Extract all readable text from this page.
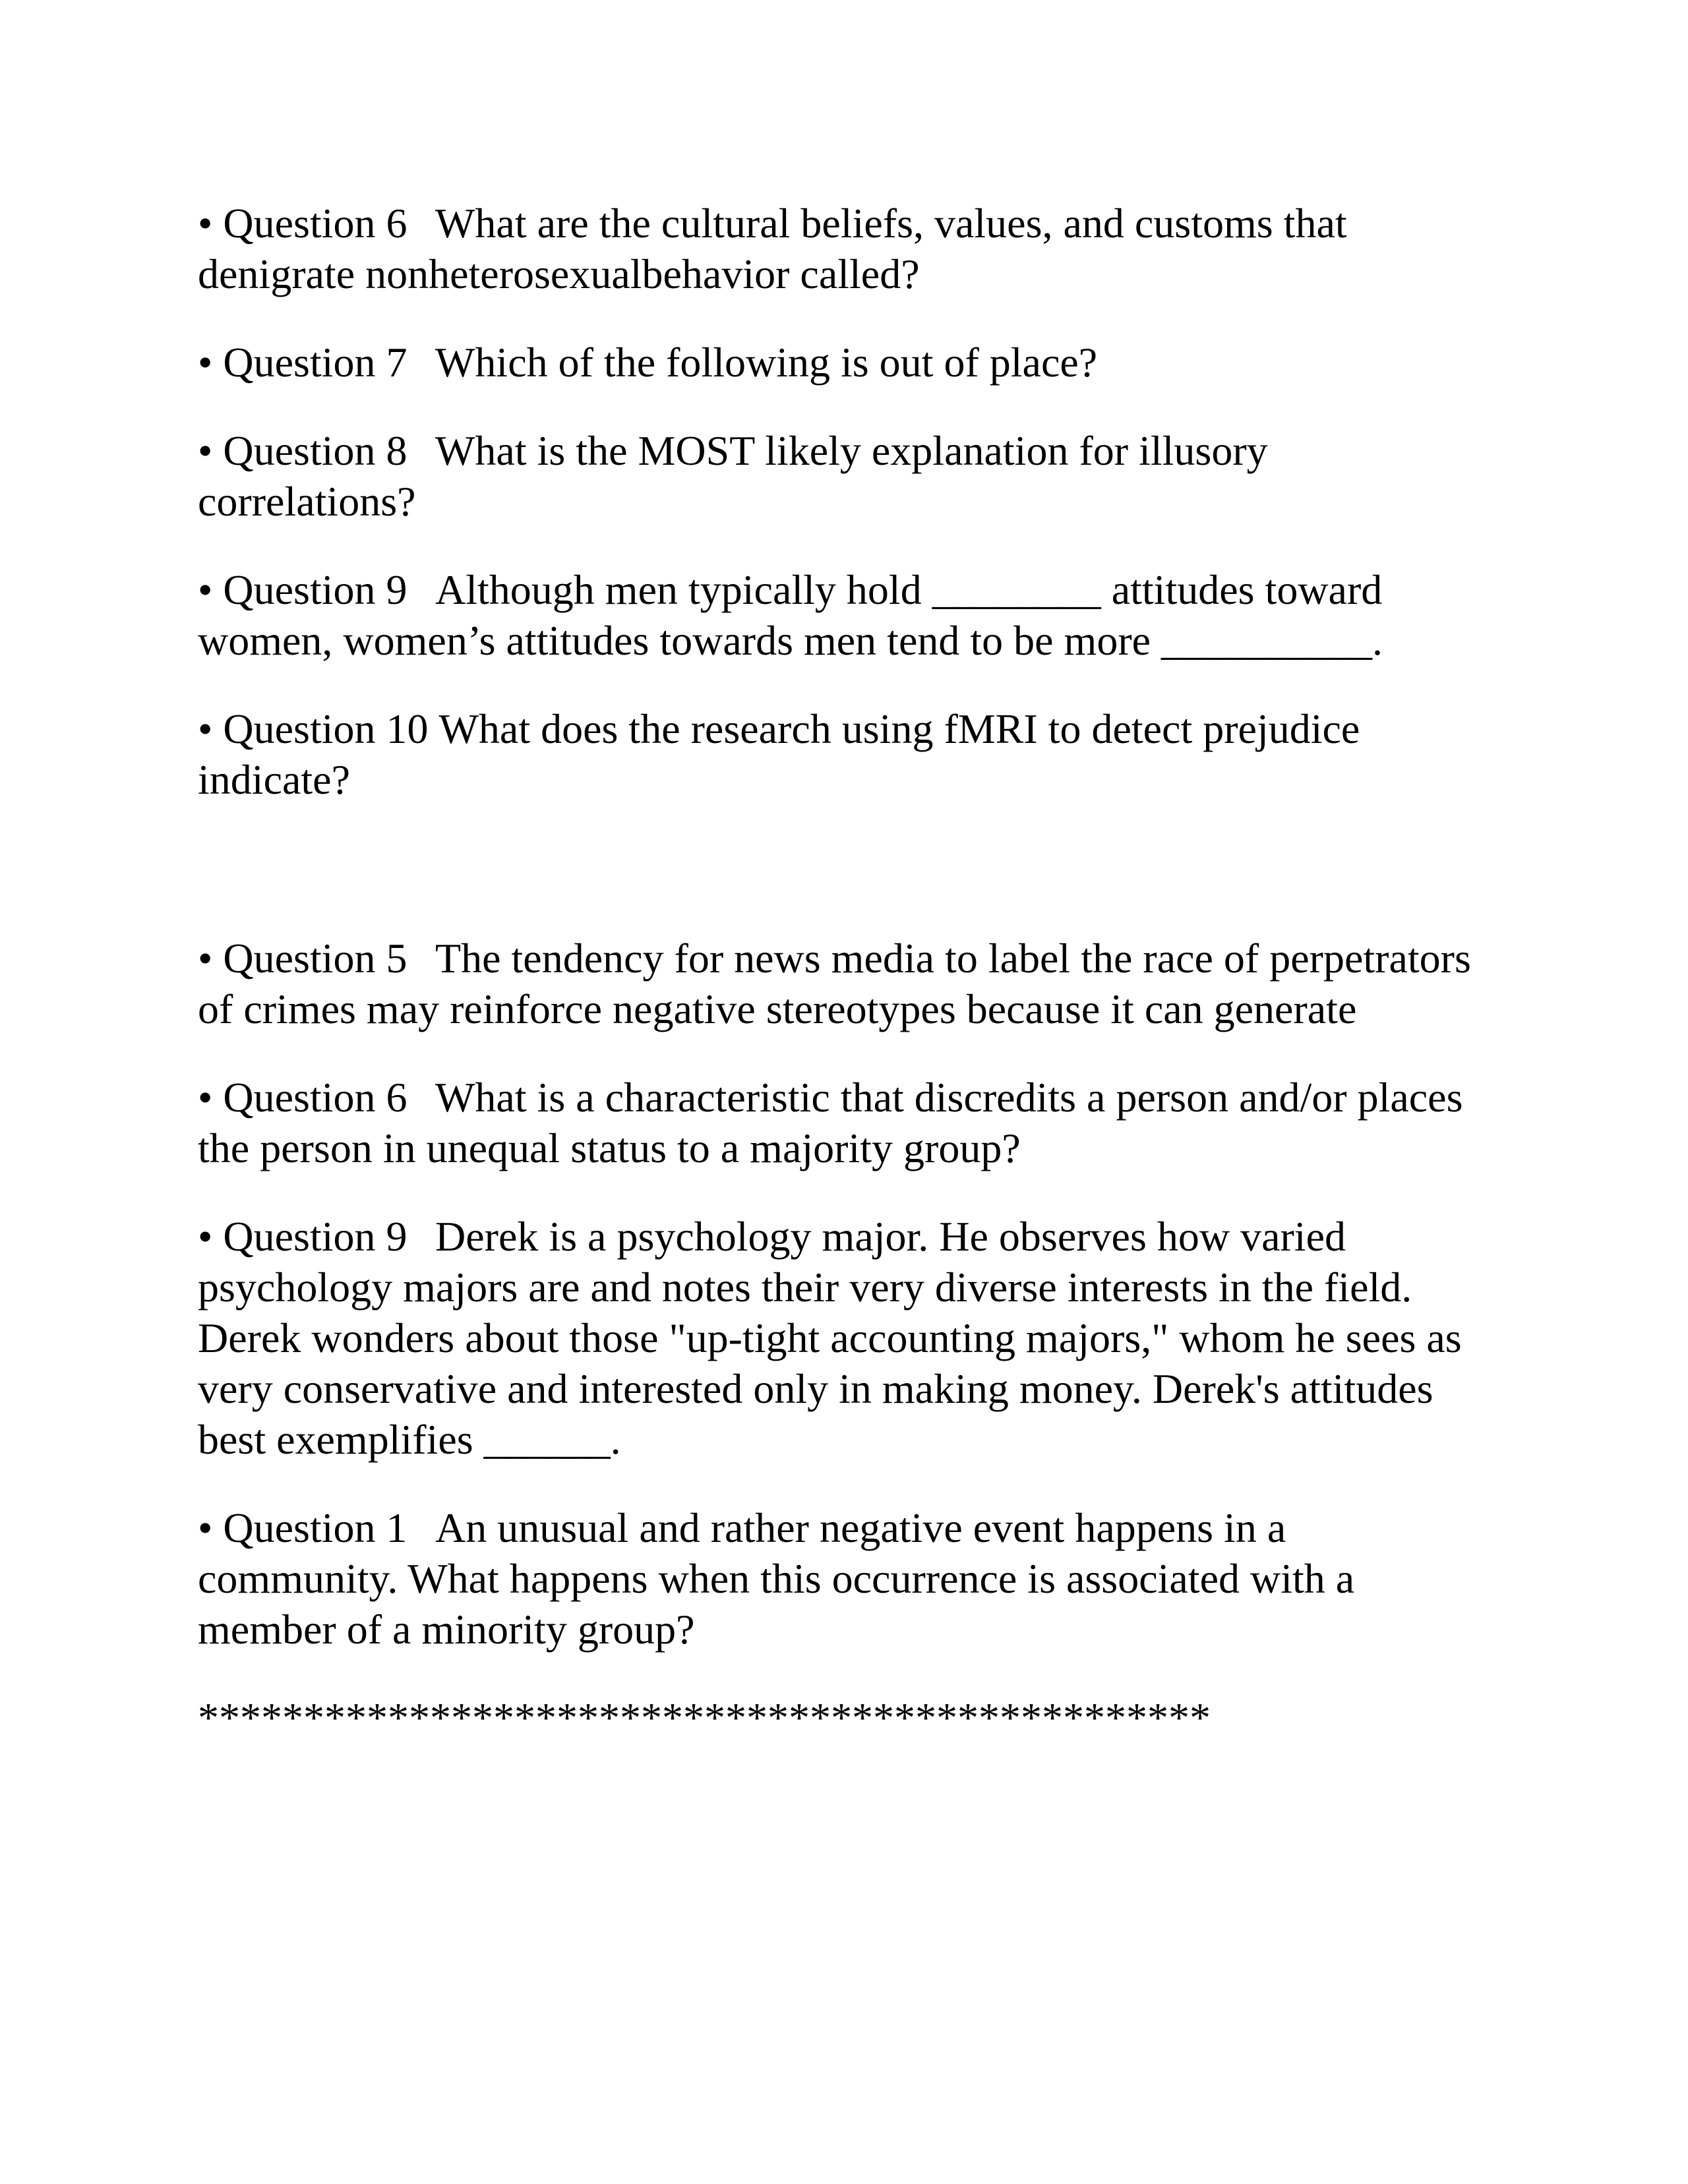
• Question 6 What are the cultural beliefs, values, and customs that denigrate nonheterosexualbehavior called?
• Question 7 Which of the following is out of place?
• Question 8 What is the MOST likely explanation for illusory correlations?
• Question 9 Although men typically hold ________ attitudes toward women, women’s attitudes towards men tend to be more __________.
• Question 10 What does the research using fMRI to detect prejudice indicate?
• Question 5 The tendency for news media to label the race of perpetrators of crimes may reinforce negative stereotypes because it can generate
• Question 6 What is a characteristic that discredits a person and/or places the person in unequal status to a majority group?
• Question 9 Derek is a psychology major. He observes how varied psychology majors are and notes their very diverse interests in the field. Derek wonders about those "up-tight accounting majors," whom he sees as very conservative and interested only in making money. Derek's attitudes best exemplifies ______.
• Question 1 An unusual and rather negative event happens in a community. What happens when this occurrence is associated with a member of a minority group?
************************************************
